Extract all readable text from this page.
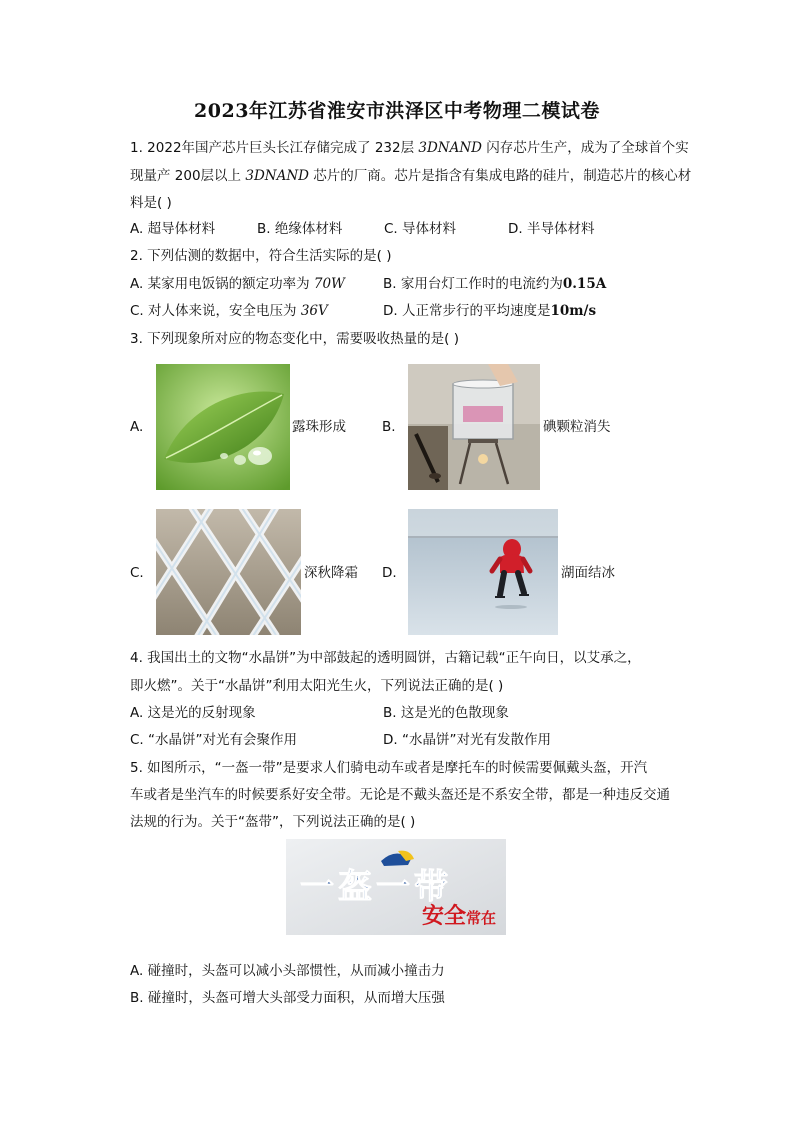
2023年江苏省淮安市洪泽区中考物理二模试卷
1. 2022年国产芯片巨头长江存储完成了 232层 3DNAND 闪存芯片生产，成为了全球首个实
现量产 200层以上 3DNAND 芯片的厂商。芯片是指含有集成电路的硅片，制造芯片的核心材
料是( )
A. 超导体材料	B. 绝缘体材料	C. 导体材料	D. 半导体材料
2. 下列估测的数据中，符合生活实际的是( )
A. 某家用电饭锅的额定功率为 70W	B. 家用台灯工作时的电流约为0.15A
C. 对人体来说，安全电压为 36V	D. 人正常步行的平均速度是10m/s
3. 下列现象所对应的物态变化中，需要吸收热量的是( )
A.	露珠形成	B.	碘颗粒消失
C.	深秋降霜 D.	湖面结冰
4. 我国出土的文物“水晶饼”为中部鼓起的透明圆饼，古籍记载“正午向日，以艾承之，
即火燃”。关于“水晶饼”利用太阳光生火，下列说法正确的是( )
A. 这是光的反射现象	B. 这是光的色散现象
C. “水晶饼”对光有会聚作用	D. “水晶饼”对光有发散作用
5. 如图所示，“一盔一带”是要求人们骑电动车或者是摩托车的时候需要佩戴头盔，开汽
车或者是坐汽车的时候要系好安全带。无论是不戴头盔还是不系安全带，都是一种违反交通
法规的行为。关于“盔带”，下列说法正确的是( )
一盔一带
安全常在
A. 碰撞时，头盔可以减小头部惯性，从而减小撞击力
B. 碰撞时，头盔可增大头部受力面积，从而增大压强
